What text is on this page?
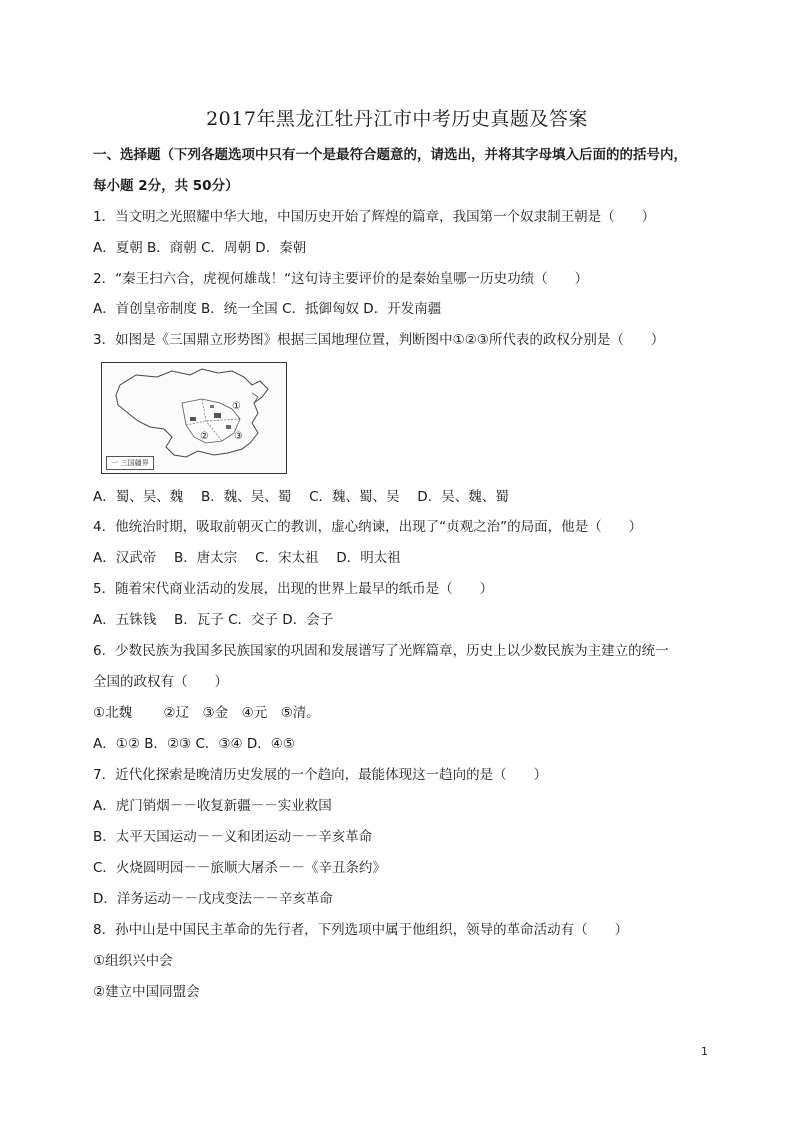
2017年黑龙江牡丹江市中考历史真题及答案
一、选择题（下列各题选项中只有一个是最符合题意的，请选出，并将其字母填入后面的的括号内，
每小题 2分，共 50分）
1．当文明之光照耀中华大地，中国历史开始了辉煌的篇章，我国第一个奴隶制王朝是（　　）
A．夏朝 B．商朝 C．周朝 D．秦朝
2．“秦王扫六合，虎视何雄哉！“这句诗主要评价的是秦始皇哪一历史功绩（　　）
A．首创皇帝制度 B．统一全国 C．抵御匈奴 D．开发南疆
3．如图是《三国鼎立形势图》根据三国地理位置，判断图中①②③所代表的政权分别是（　　）
①
②	③
一 三国疆界
A．蜀、吴、魏　 B．魏、吴、蜀　 C．魏、蜀、吴　 D．吴、魏、蜀
4．他统治时期，吸取前朝灭亡的教训，虚心纳谏，出现了“贞观之治”的局面，他是（　　）
A．汉武帝　 B．唐太宗　 C．宋太祖　 D．明太祖
5．随着宋代商业活动的发展，出现的世界上最早的纸币是（　　）
A．五铢钱　 B．瓦子 C．交子 D．会子
6．少数民族为我国多民族国家的巩固和发展谱写了光辉篇章，历史上以少数民族为主建立的统一
全国的政权有（　　）
①北魏　　 ②辽　③金　④元　⑤清。
A．①② B．②③ C．③④ D．④⑤
7．近代化探索是晚清历史发展的一个趋向，最能体现这一趋向的是（　　）
A．虎门销烟－－收复新疆－－实业救国
B．太平天国运动－－义和团运动－－辛亥革命
C．火烧圆明园－－旅顺大屠杀－－《辛丑条约》
D．洋务运动－－戊戌变法－－辛亥革命
8．孙中山是中国民主革命的先行者，下列选项中属于他组织，领导的革命活动有（　　）
①组织兴中会
②建立中国同盟会
1
